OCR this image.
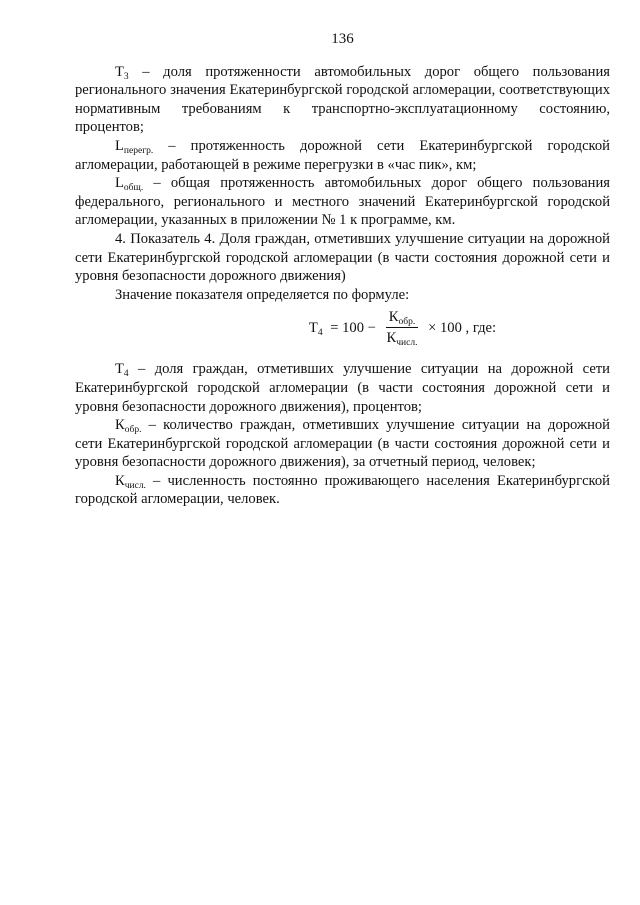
136

$Т_3$ – доля протяженности автомобильных дорог общего пользования регионального значения Екатеринбургской городской агломерации, соответствующих нормативным требованиям к транспортно-эксплуатационному состоянию, процентов;

$L_{перегр.}$ – протяженность дорожной сети Екатеринбургской городской агломерации, работающей в режиме перегрузки в «час пик», км;

$L_{общ.}$ – общая протяженность автомобильных дорог общего пользования федерального, регионального и местного значений Екатеринбургской городской агломерации, указанных в приложении № 1 к программе, км.

4. Показатель 4. Доля граждан, отметивших улучшение ситуации на дорожной сети Екатеринбургской городской агломерации (в части состояния дорожной сети и уровня безопасности дорожного движения)

Значение показателя определяется по формуле:

$Т_4 = 100 - \frac{К_{обр.}}{К_{числ.}} \times 100$ , где:

$Т_4$ – доля граждан, отметивших улучшение ситуации на дорожной сети Екатеринбургской городской агломерации (в части состояния дорожной сети и уровня безопасности дорожного движения), процентов;

$К_{обр.}$ – количество граждан, отметивших улучшение ситуации на дорожной сети Екатеринбургской городской агломерации (в части состояния дорожной сети и уровня безопасности дорожного движения), за отчетный период, человек;

$К_{числ.}$ – численность постоянно проживающего населения Екатеринбургской городской агломерации, человек.
